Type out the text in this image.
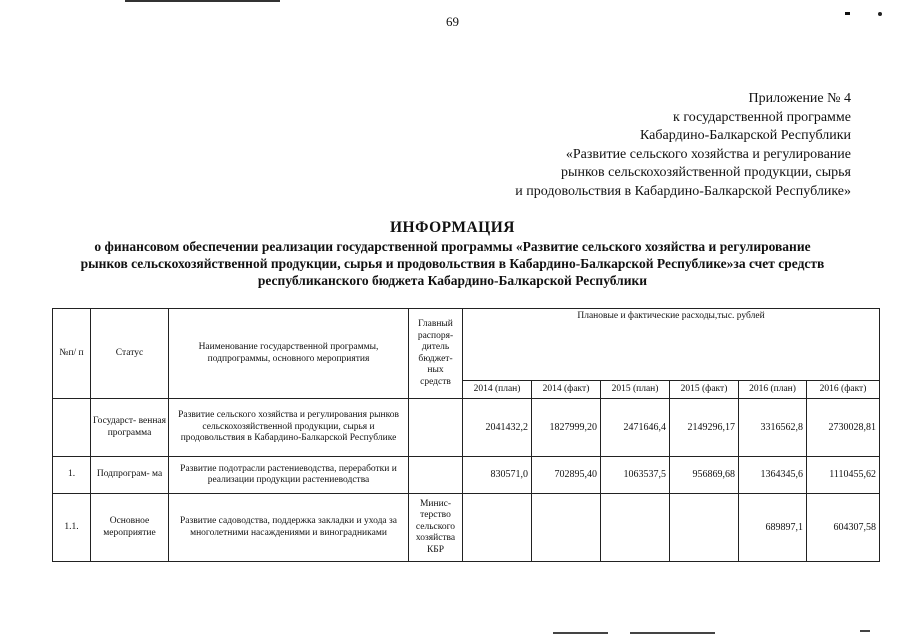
69
Приложение № 4
к государственной программе
Кабардино-Балкарской Республики
«Развитие сельского хозяйства и регулирование
рынков сельскохозяйственной продукции, сырья
и продовольствия в Кабардино-Балкарской Республике»
ИНФОРМАЦИЯ
о финансовом обеспечении реализации государственной программы «Развитие сельского хозяйства и регулирование
рынков сельскохозяйственной продукции, сырья и продовольствия в Кабардино-Балкарской Республике»за счет средств
республиканского бюджета Кабардино-Балкарской Республики
№п/ п	Статус	Наименование государственной программы, подпрограммы, основного мероприятия	Главный распоря- дитель бюджет- ных средств	Плановые и фактические расходы,тыс. рублей					
				2014 (план)	2014 (факт)	2015 (план)	2015 (факт)	2016 (план)	2016 (факт)
	Государст- венная программа	Развитие сельского хозяйства и регулирования рынков сельскохозяйственной продукции, сырья и продовольствия в Кабардино-Балкарской Республике		2041432,2	1827999,20	2471646,4	2149296,17	3316562,8	2730028,81
1.	Подпрограм- ма	Развитие подотрасли растениеводства, переработки и реализации продукции растениеводства		830571,0	702895,40	1063537,5	956869,68	1364345,6	1110455,62
1.1.	Основное мероприятие	Развитие садоводства, поддержка закладки и ухода за многолетними насаждениями и виноградниками	Минис- терство сельского хозяйства КБР					689897,1	604307,58
